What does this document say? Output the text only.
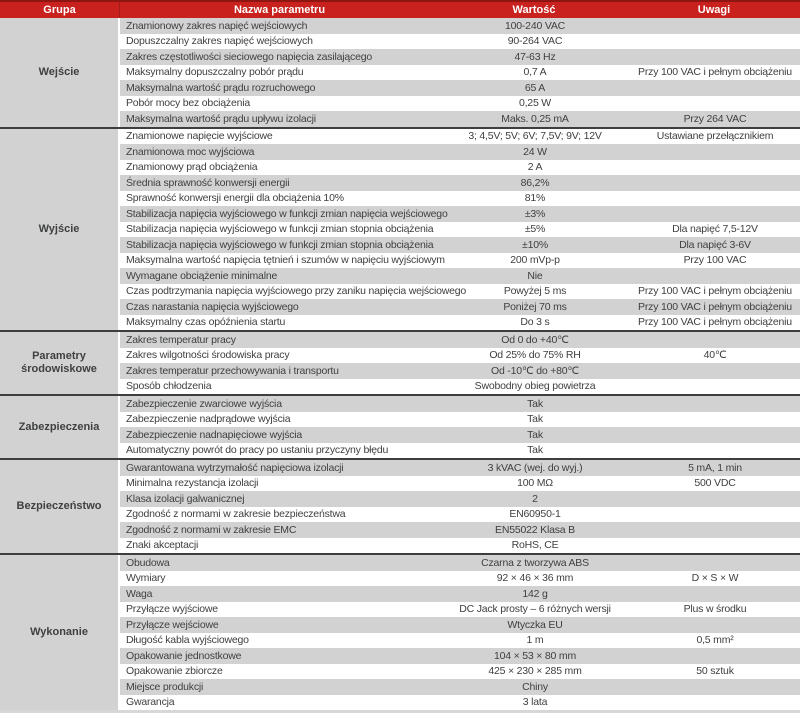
Grupa	Nazwa parametru	Wartość	Uwagi
Wejście
Znamionowy zakres napięć wejściowych	100-240 VAC
Dopuszczalny zakres napięć wejściowych	90-264 VAC
Zakres częstotliwości sieciowego napięcia zasilającego	47-63 Hz
Maksymalny dopuszczalny pobór prądu	0,7 A	Przy 100 VAC i pełnym obciążeniu
Maksymalna wartość prądu rozruchowego	65 A
Pobór mocy bez obciążenia	0,25 W
Maksymalna wartość prądu upływu izolacji	Maks. 0,25 mA	Przy 264 VAC
Wyjście
Znamionowe napięcie wyjściowe	3; 4,5V; 5V; 6V; 7,5V; 9V; 12V	Ustawiane przełącznikiem
Znamionowa moc wyjściowa	24 W
Znamionowy prąd obciążenia	2 A
Średnia sprawność konwersji energii	86,2%
Sprawność konwersji energii dla obciążenia 10%	81%
Stabilizacja napięcia wyjściowego w funkcji zmian napięcia wejściowego	±3%
Stabilizacja napięcia wyjściowego w funkcji zmian stopnia obciążenia	±5%	Dla napięć 7,5-12V
Stabilizacja napięcia wyjściowego w funkcji zmian stopnia obciążenia	±10%	Dla napięć 3-6V
Maksymalna wartość napięcia tętnień i szumów w napięciu wyjściowym	200 mVp-p	Przy 100 VAC
Wymagane obciążenie minimalne	Nie
Czas podtrzymania napięcia wyjściowego przy zaniku napięcia wejściowego	Powyżej 5 ms	Przy 100 VAC i pełnym obciążeniu
Czas narastania napięcia wyjściowego	Poniżej 70 ms	Przy 100 VAC i pełnym obciążeniu
Maksymalny czas opóźnienia startu	Do 3 s	Przy 100 VAC i pełnym obciążeniu
Parametry środowiskowe
Zakres temperatur pracy	Od 0 do +40℃
Zakres wilgotności środowiska pracy	Od 25% do 75% RH	40℃
Zakres temperatur przechowywania i transportu	Od -10℃ do +80℃
Sposób chłodzenia	Swobodny obieg powietrza
Zabezpieczenia
Zabezpieczenie zwarciowe wyjścia	Tak
Zabezpieczenie nadprądowe wyjścia	Tak
Zabezpieczenie nadnapięciowe wyjścia	Tak
Automatyczny powrót do pracy po ustaniu przyczyny błędu	Tak
Bezpieczeństwo
Gwarantowana wytrzymałość napięciowa izolacji	3 kVAC (wej. do wyj.)	5 mA, 1 min
Minimalna rezystancja izolacji	100 MΩ	500 VDC
Klasa izolacji galwanicznej	2
Zgodność z normami w zakresie bezpieczeństwa	EN60950-1
Zgodność z normami w zakresie EMC	EN55022 Klasa B
Znaki akceptacji	RoHS, CE
Wykonanie
Obudowa	Czarna z tworzywa ABS
Wymiary	92 × 46 × 36 mm	D × S × W
Waga	142 g
Przyłącze wyjściowe	DC Jack prosty – 6 różnych wersji	Plus w środku
Przyłącze wejściowe	Wtyczka EU
Długość kabla wyjściowego	1 m	0,5 mm²
Opakowanie jednostkowe	104 × 53 × 80 mm
Opakowanie zbiorcze	425 × 230 × 285 mm	50 sztuk
Miejsce produkcji	Chiny
Gwarancja	3 lata
